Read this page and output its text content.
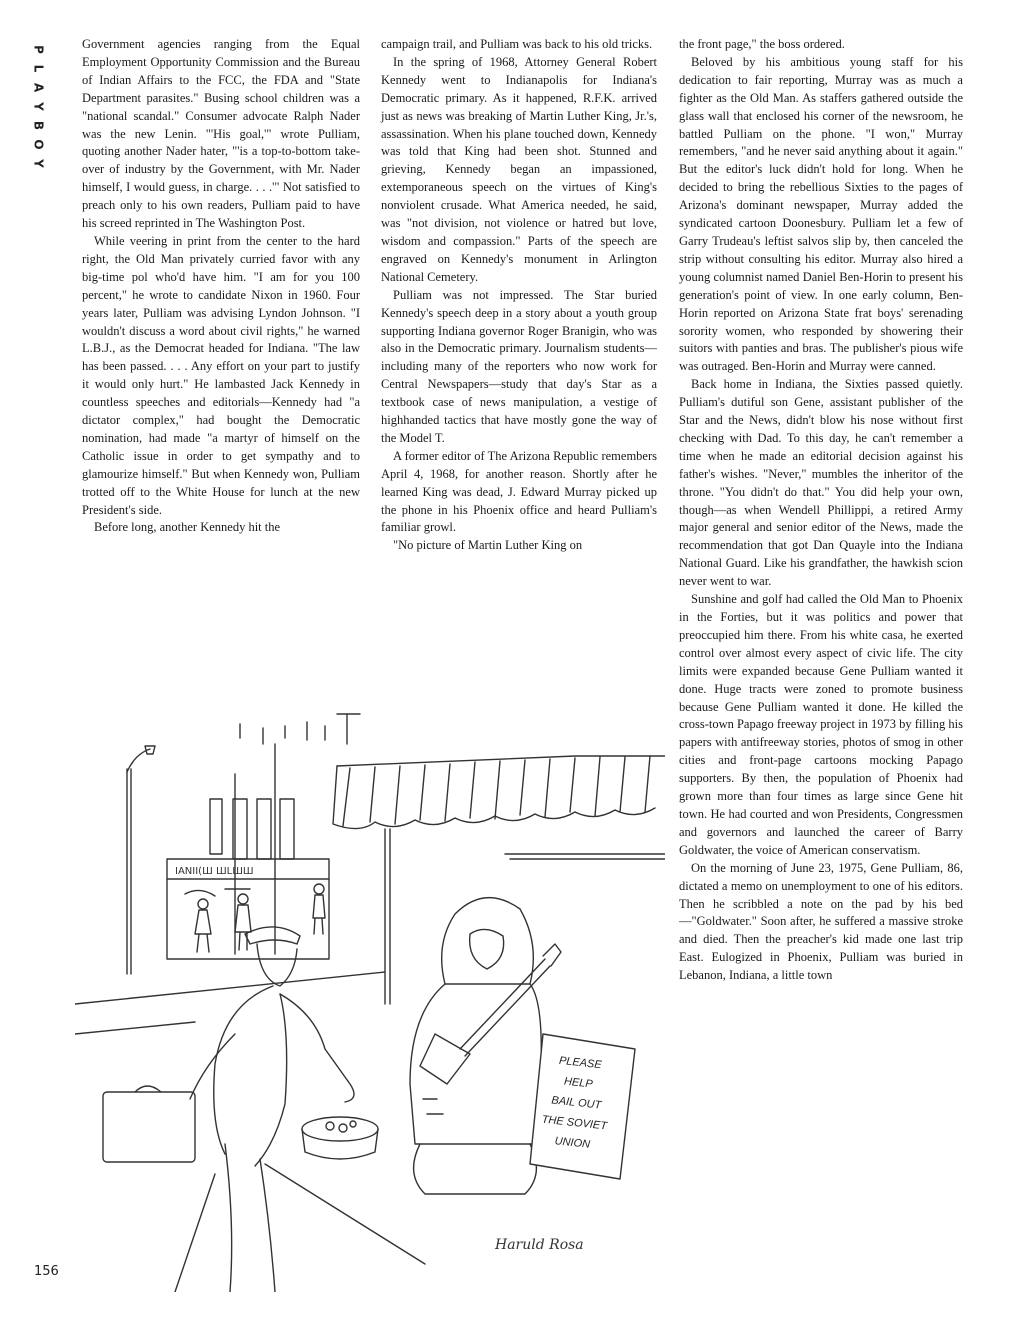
P
L
A
Y
B
O
Y

Government agencies ranging from the Equal Employment Opportunity Commission and the Bureau of Indian Affairs to the FCC, the FDA and "State Department parasites." Busing school children was a "national scandal." Consumer advocate Ralph Nader was the new Lenin. "'His goal,'" wrote Pulliam, quoting another Nader hater, "'is a top-to-bottom take-over of industry by the Government, with Mr. Nader himself, I would guess, in charge. . . .'" Not satisfied to preach only to his own readers, Pulliam paid to have his screed reprinted in The Washington Post.

While veering in print from the center to the hard right, the Old Man privately curried favor with any big-time pol who'd have him. "I am for you 100 percent," he wrote to candidate Nixon in 1960. Four years later, Pulliam was advising Lyndon Johnson. "I wouldn't discuss a word about civil rights," he warned L.B.J., as the Democrat headed for Indiana. "The law has been passed. . . . Any effort on your part to justify it would only hurt." He lambasted Jack Kennedy in countless speeches and editorials—Kennedy had "a dictator complex," had bought the Democratic nomination, had made "a martyr of himself on the Catholic issue in order to get sympathy and to glamourize himself." But when Kennedy won, Pulliam trotted off to the White House for lunch at the new President's side.

Before long, another Kennedy hit the

campaign trail, and Pulliam was back to his old tricks.

In the spring of 1968, Attorney General Robert Kennedy went to Indianapolis for Indiana's Democratic primary. As it happened, R.F.K. arrived just as news was breaking of Martin Luther King, Jr.'s, assassination. When his plane touched down, Kennedy was told that King had been shot. Stunned and grieving, Kennedy began an impassioned, extemporaneous speech on the virtues of King's nonviolent crusade. What America needed, he said, was "not division, not violence or hatred but love, wisdom and compassion." Parts of the speech are engraved on Kennedy's monument in Arlington National Cemetery.

Pulliam was not impressed. The Star buried Kennedy's speech deep in a story about a youth group supporting Indiana governor Roger Branigin, who was also in the Democratic primary. Journalism students—including many of the reporters who now work for Central Newspapers—study that day's Star as a textbook case of news manipulation, a vestige of highhanded tactics that have mostly gone the way of the Model T.

A former editor of The Arizona Republic remembers April 4, 1968, for another reason. Shortly after he learned King was dead, J. Edward Murray picked up the phone in his Phoenix office and heard Pulliam's familiar growl.

"No picture of Martin Luther King on

the front page," the boss ordered.

Beloved by his ambitious young staff for his dedication to fair reporting, Murray was as much a fighter as the Old Man. As staffers gathered outside the glass wall that enclosed his corner of the newsroom, he battled Pulliam on the phone. "I won," Murray remembers, "and he never said anything about it again." But the editor's luck didn't hold for long. When he decided to bring the rebellious Sixties to the pages of Arizona's dominant newspaper, Murray added the syndicated cartoon Doonesbury. Pulliam let a few of Garry Trudeau's leftist salvos slip by, then canceled the strip without consulting his editor. Murray also hired a young columnist named Daniel Ben-Horin to present his generation's point of view. In one early column, Ben-Horin reported on Arizona State frat boys' serenading sorority women, who responded by showering their suitors with panties and bras. The publisher's pious wife was outraged. Ben-Horin and Murray were canned.

Back home in Indiana, the Sixties passed quietly. Pulliam's dutiful son Gene, assistant publisher of the Star and the News, didn't blow his nose without first checking with Dad. To this day, he can't remember a time when he made an editorial decision against his father's wishes. "Never," mumbles the inheritor of the throne. "You didn't do that." You did help your own, though—as when Wendell Phillippi, a retired Army major general and senior editor of the News, made the recommendation that got Dan Quayle into the Indiana National Guard. Like his grandfather, the hawkish scion never went to war.

Sunshine and golf had called the Old Man to Phoenix in the Forties, but it was politics and power that preoccupied him there. From his white casa, he exerted control over almost every aspect of civic life. The city limits were expanded because Gene Pulliam wanted it done. Huge tracts were zoned to promote business because Gene Pulliam wanted it done. He killed the cross-town Papago freeway project in 1973 by filling his papers with antifreeway stories, photos of smog in other cities and front-page cartoons mocking Papago supporters. By then, the population of Phoenix had grown more than four times as large since Gene hit town. He had courted and won Presidents, Congressmen and governors and launched the career of Barry Goldwater, the voice of American conservatism.

On the morning of June 23, 1975, Gene Pulliam, 86, dictated a memo on unemployment to one of his editors. Then he scribbled a note on the pad by his bed—"Goldwater." Soon after, he suffered a massive stroke and died. Then the preacher's kid made one last trip East. Eulogized in Phoenix, Pulliam was buried in Lebanon, Indiana, a little town

PLEASE
HELP
BAIL OUT
THE SOVIET
UNION
ΙΑΝΙΙ(Ш ШLШШ
Haruld Rosa
156
